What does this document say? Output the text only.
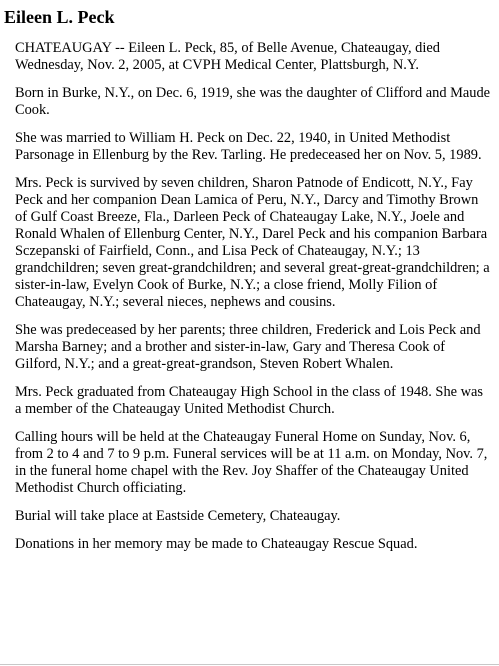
Eileen L. Peck

CHATEAUGAY -- Eileen L. Peck, 85, of Belle Avenue, Chateaugay, died Wednesday, Nov. 2, 2005, at CVPH Medical Center, Plattsburgh, N.Y.

Born in Burke, N.Y., on Dec. 6, 1919, she was the daughter of Clifford and Maude Cook.

She was married to William H. Peck on Dec. 22, 1940, in United Methodist Parsonage in Ellenburg by the Rev. Tarling. He predeceased her on Nov. 5, 1989.

Mrs. Peck is survived by seven children, Sharon Patnode of Endicott, N.Y., Fay Peck and her companion Dean Lamica of Peru, N.Y., Darcy and Timothy Brown of Gulf Coast Breeze, Fla., Darleen Peck of Chateaugay Lake, N.Y., Joele and Ronald Whalen of Ellenburg Center, N.Y., Darel Peck and his companion Barbara Sczepanski of Fairfield, Conn., and Lisa Peck of Chateaugay, N.Y.; 13 grandchildren; seven great-grandchildren; and several great-great-grandchildren; a sister-in-law, Evelyn Cook of Burke, N.Y.; a close friend, Molly Filion of Chateaugay, N.Y.; several nieces, nephews and cousins.

She was predeceased by her parents; three children, Frederick and Lois Peck and Marsha Barney; and a brother and sister-in-law, Gary and Theresa Cook of Gilford, N.Y.; and a great-great-grandson, Steven Robert Whalen.

Mrs. Peck graduated from Chateaugay High School in the class of 1948. She was a member of the Chateaugay United Methodist Church.

Calling hours will be held at the Chateaugay Funeral Home on Sunday, Nov. 6, from 2 to 4 and 7 to 9 p.m. Funeral services will be at 11 a.m. on Monday, Nov. 7, in the funeral home chapel with the Rev. Joy Shaffer of the Chateaugay United Methodist Church officiating.

Burial will take place at Eastside Cemetery, Chateaugay.

Donations in her memory may be made to Chateaugay Rescue Squad.
